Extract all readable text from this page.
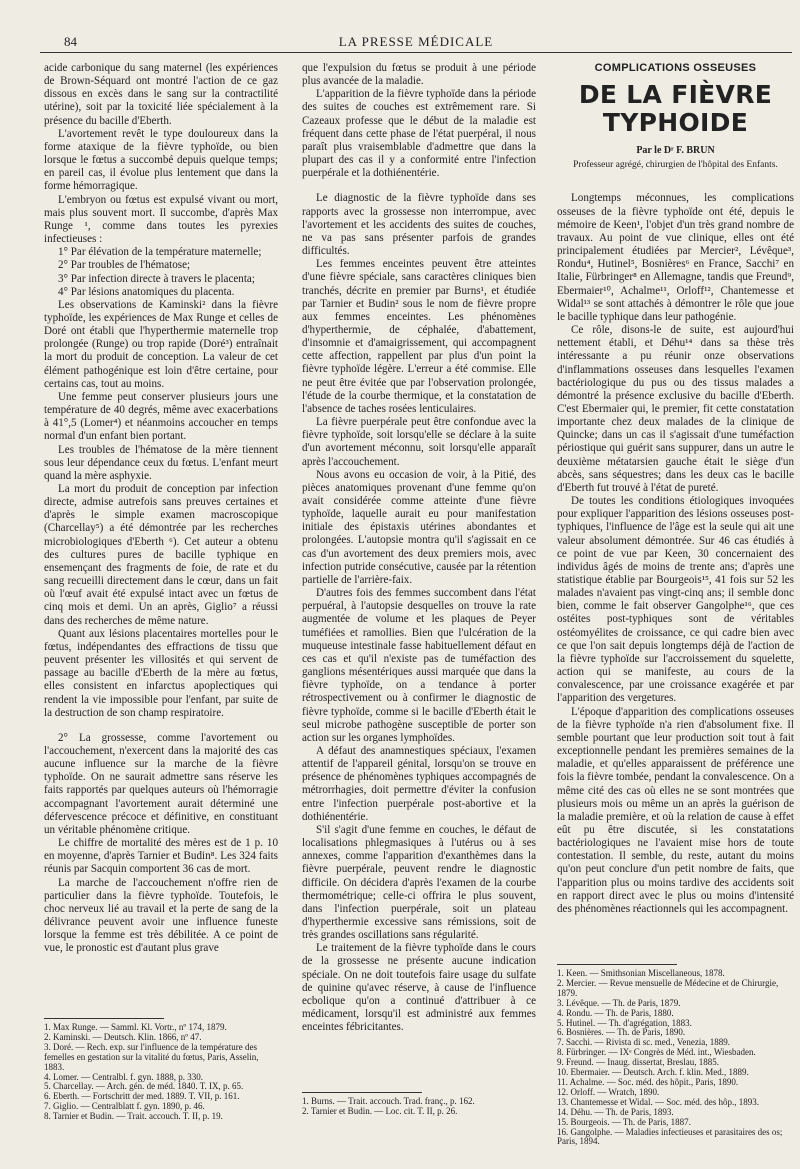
84	LA PRESSE MÉDICALE

acide carbonique du sang maternel (les expériences de Brown-Séquard ont montré l'action de ce gaz dissous en excès dans le sang sur la contractilité utérine), soit par la toxicité liée spécialement à la présence du bacille d'Eberth.

L'avortement revêt le type douloureux dans la forme ataxique de la fièvre typhoïde, ou bien lorsque le fœtus a succombé depuis quelque temps; en pareil cas, il évolue plus lentement que dans la forme hémorragique.

L'embryon ou fœtus est expulsé vivant ou mort, mais plus souvent mort. Il succombe, d'après Max Runge ¹, comme dans toutes les pyrexies infectieuses :

1° Par élévation de la température maternelle;

2° Par troubles de l'hématose;

3° Par infection directe à travers le placenta;

4° Par lésions anatomiques du placenta.

Les observations de Kaminski² dans la fièvre typhoïde, les expériences de Max Runge et celles de Doré ont établi que l'hyperthermie maternelle trop prolongée (Runge) ou trop rapide (Doré³) entraînait la mort du produit de conception. La valeur de cet élément pathogénique est loin d'être certaine, pour certains cas, tout au moins.

Une femme peut conserver plusieurs jours une température de 40 degrés, même avec exacerbations à 41°,5 (Lomer⁴) et néanmoins accoucher en temps normal d'un enfant bien portant.

Les troubles de l'hématose de la mère tiennent sous leur dépendance ceux du fœtus. L'enfant meurt quand la mère asphyxie.

La mort du produit de conception par infection directe, admise autrefois sans preuves certaines et d'après le simple examen macroscopique (Charcellay⁵) a été démontrée par les recherches microbiologiques d'Eberth ⁶). Cet auteur a obtenu des cultures pures de bacille typhique en ensemençant des fragments de foie, de rate et du sang recueilli directement dans le cœur, dans un fait où l'œuf avait été expulsé intact avec un fœtus de cinq mois et demi. Un an après, Giglio⁷ a réussi dans des recherches de même nature.

Quant aux lésions placentaires mortelles pour le fœtus, indépendantes des effractions de tissu que peuvent présenter les villosités et qui servent de passage au bacille d'Eberth de la mère au fœtus, elles consistent en infarctus apoplectiques qui rendent la vie impossible pour l'enfant, par suite de la destruction de son champ respiratoire.

2° La grossesse, comme l'avortement ou l'accouchement, n'exercent dans la majorité des cas aucune influence sur la marche de la fièvre typhoïde. On ne saurait admettre sans réserve les faits rapportés par quelques auteurs où l'hémorragie accompagnant l'avortement aurait déterminé une défervescence précoce et définitive, en constituant un véritable phénomène critique.

Le chiffre de mortalité des mères est de 1 p. 10 en moyenne, d'après Tarnier et Budin⁸. Les 324 faits réunis par Sacquin comportent 36 cas de mort.

La marche de l'accouchement n'offre rien de particulier dans la fièvre typhoïde. Toutefois, le choc nerveux lié au travail et la perte de sang de la délivrance peuvent avoir une influence funeste lorsque la femme est très débilitée. A ce point de vue, le pronostic est d'autant plus grave

1. Max Runge. — Samml. Kl. Vortr., nº 174, 1879.

2. Kaminski. — Deutsch. Klin. 1866, nº 47.

3. Doré. — Rech. exp. sur l'influence de la température des femelles en gestation sur la vitalité du fœtus, Paris, Asselin, 1883.

4. Lomer. — Centralbl. f. gyn. 1888, p. 330.

5. Charcellay. — Arch. gén. de méd. 1840. T. IX, p. 65.

6. Eberth. — Fortschritt der med. 1889. T. VII, p. 161.

7. Giglio. — Centralblatt f. gyn. 1890, p. 46.

8. Tarnier et Budin. — Trait. accouch. T. II, p. 19.

que l'expulsion du fœtus se produit à une période plus avancée de la maladie.

L'apparition de la fièvre typhoïde dans la période des suites de couches est extrêmement rare. Si Cazeaux professe que le début de la maladie est fréquent dans cette phase de l'état puerpéral, il nous paraît plus vraisemblable d'admettre que dans la plupart des cas il y a conformité entre l'infection puerpérale et la dothiénentérie.

Le diagnostic de la fièvre typhoïde dans ses rapports avec la grossesse non interrompue, avec l'avortement et les accidents des suites de couches, ne va pas sans présenter parfois de grandes difficultés.

Les femmes enceintes peuvent être atteintes d'une fièvre spéciale, sans caractères cliniques bien tranchés, décrite en premier par Burns¹, et étudiée par Tarnier et Budin² sous le nom de fièvre propre aux femmes enceintes. Les phénomènes d'hyperthermie, de céphalée, d'abattement, d'insomnie et d'amaigrissement, qui accompagnent cette affection, rappellent par plus d'un point la fièvre typhoïde légère. L'erreur a été commise. Elle ne peut être évitée que par l'observation prolongée, l'étude de la courbe thermique, et la constatation de l'absence de taches rosées lenticulaires.

La fièvre puerpérale peut être confondue avec la fièvre typhoïde, soit lorsqu'elle se déclare à la suite d'un avortement méconnu, soit lorsqu'elle apparaît après l'accouchement.

Nous avons eu occasion de voir, à la Pitié, des pièces anatomiques provenant d'une femme qu'on avait considérée comme atteinte d'une fièvre typhoïde, laquelle aurait eu pour manifestation initiale des épistaxis utérines abondantes et prolongées. L'autopsie montra qu'il s'agissait en ce cas d'un avortement des deux premiers mois, avec infection putride consécutive, causée par la rétention partielle de l'arrière-faix.

D'autres fois des femmes succombent dans l'état perpuéral, à l'autopsie desquelles on trouve la rate augmentée de volume et les plaques de Peyer tuméfiées et ramollies. Bien que l'ulcération de la muqueuse intestinale fasse habituellement défaut en ces cas et qu'il n'existe pas de tuméfaction des ganglions mésentériques aussi marquée que dans la fièvre typhoïde, on a tendance à porter rétrospectivement ou à confirmer le diagnostic de fièvre typhoïde, comme si le bacille d'Eberth était le seul microbe pathogène susceptible de porter son action sur les organes lymphoïdes.

A défaut des anamnestiques spéciaux, l'examen attentif de l'appareil génital, lorsqu'on se trouve en présence de phénomènes typhiques accompagnés de métrorrhagies, doit permettre d'éviter la confusion entre l'infection puerpérale post-abortive et la dothiénentérie.

S'il s'agit d'une femme en couches, le défaut de localisations phlegmasiques à l'utérus ou à ses annexes, comme l'apparition d'exanthèmes dans la fièvre puerpérale, peuvent rendre le diagnostic difficile. On décidera d'après l'examen de la courbe thermométrique; celle-ci offrira le plus souvent, dans l'infection puerpérale, soit un plateau d'hyperthermie excessive sans rémissions, soit de très grandes oscillations sans régularité.

Le traitement de la fièvre typhoïde dans le cours de la grossesse ne présente aucune indication spéciale. On ne doit toutefois faire usage du sulfate de quinine qu'avec réserve, à cause de l'influence ecbolique qu'on a continué d'attribuer à ce médicament, lorsqu'il est administré aux femmes enceintes fébricitantes.

1. Burns. — Trait. accouch. Trad. franç., p. 162.

2. Tarnier et Budin. — Loc. cit. T. II, p. 26.

COMPLICATIONS OSSEUSES
DE LA FIÈVRE TYPHOIDE
Par le Dʳ F. BRUN
Professeur agrégé, chirurgien de l'hôpital des Enfants.

Longtemps méconnues, les complications osseuses de la fièvre typhoïde ont été, depuis le mémoire de Keen¹, l'objet d'un très grand nombre de travaux. Au point de vue clinique, elles ont été principalement étudiées par Mercier², Lévêque³, Rondu⁴, Hutinel⁵, Bosnières⁶ en France, Sacchi⁷ en Italie, Fürbringer⁸ en Allemagne, tandis que Freund⁹, Ebermaier¹⁰, Achalme¹¹, Orloff¹², Chantemesse et Widal¹³ se sont attachés à démontrer le rôle que joue le bacille typhique dans leur pathogénie.

Ce rôle, disons-le de suite, est aujourd'hui nettement établi, et Déhu¹⁴ dans sa thèse très intéressante a pu réunir onze observations d'inflammations osseuses dans lesquelles l'examen bactériologique du pus ou des tissus malades a démontré la présence exclusive du bacille d'Eberth. C'est Ebermaier qui, le premier, fit cette constatation importante chez deux malades de la clinique de Quincke; dans un cas il s'agissait d'une tuméfaction périostique qui guérit sans suppurer, dans un autre le deuxième métatarsien gauche était le siège d'un abcès, sans séquestres; dans les deux cas le bacille d'Eberth fut trouvé à l'état de pureté.

De toutes les conditions étiologiques invoquées pour expliquer l'apparition des lésions osseuses post-typhiques, l'influence de l'âge est la seule qui ait une valeur absolument démontrée. Sur 46 cas étudiés à ce point de vue par Keen, 30 concernaient des individus âgés de moins de trente ans; d'après une statistique établie par Bourgeois¹⁵, 41 fois sur 52 les malades n'avaient pas vingt-cinq ans; il semble donc bien, comme le fait observer Gangolphe¹⁶, que ces ostéites post-typhiques sont de véritables ostéomyélites de croissance, ce qui cadre bien avec ce que l'on sait depuis longtemps déjà de l'action de la fièvre typhoïde sur l'accroissement du squelette, action qui se manifeste, au cours de la convalescence, par une croissance exagérée et par l'apparition des vergetures.

L'époque d'apparition des complications osseuses de la fièvre typhoïde n'a rien d'absolument fixe. Il semble pourtant que leur production soit tout à fait exceptionnelle pendant les premières semaines de la maladie, et qu'elles apparaissent de préférence une fois la fièvre tombée, pendant la convalescence. On a même cité des cas où elles ne se sont montrées que plusieurs mois ou même un an après la guérison de la maladie première, et où la relation de cause à effet eût pu être discutée, si les constatations bactériologiques ne l'avaient mise hors de toute contestation. Il semble, du reste, autant du moins qu'on peut conclure d'un petit nombre de faits, que l'apparition plus ou moins tardive des accidents soit en rapport direct avec le plus ou moins d'intensité des phénomènes réactionnels qui les accompagnent.

1. Keen. — Smithsonian Miscellaneous, 1878.

2. Mercier. — Revue mensuelle de Médecine et de Chirurgie, 1879.

3. Lévêque. — Th. de Paris, 1879.

4. Rondu. — Th. de Paris, 1880.

5. Hutinel. — Th. d'agrégation, 1883.

6. Bosnières. — Th. de Paris, 1890.

7. Sacchi. — Rivista di sc. med., Venezia, 1889.

8. Fürbringer. — IXᵉ Congrès de Méd. int., Wiesbaden.

9. Freund. — Inaug. dissertat, Breslau, 1885.

10. Ebermaier. — Deutsch. Arch. f. klin. Med., 1889.

11. Achalme. — Soc. méd. des hôpit., Paris, 1890.

12. Orloff. — Wratch, 1890.

13. Chantemesse et Widal. — Soc. méd. des hôp., 1893.

14. Déhu. — Th. de Paris, 1893.

15. Bourgeois. — Th. de Paris, 1887.

16. Gangolphe. — Maladies infectieuses et parasitaires des os; Paris, 1894.
